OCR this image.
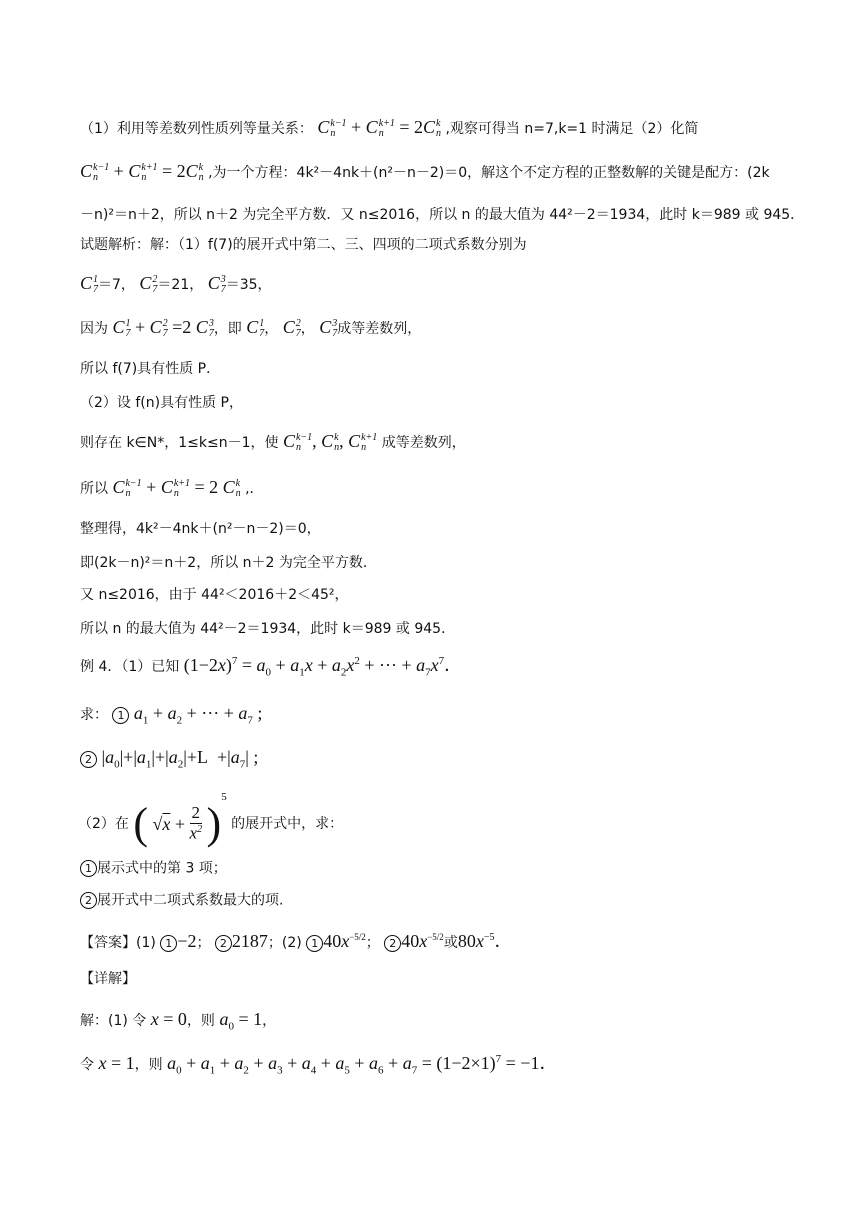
（1）利用等差数列性质列等量关系： C k−1
n + C k+1
n = 2C k
n ,观察可得当 n=7,k=1 时满足（2）化简
C k−1
n + C k+1
n = 2C k
n ,为一个方程：4k²－4nk＋(n²－n－2)＝0，解这个不定方程的正整数解的关键是配方：(2k
－n)²＝n＋2，所以 n＋2 为完全平方数．又 n≤2016，所以 n 的最大值为 44²－2＝1934，此时 k＝989 或 945．
试题解析：解：（1）f(7)的展开式中第二、三、四项的二项式系数分别为
C 1
7 ＝7， C 2
7 ＝21， C 3
7 ＝35，
因为 C 1
7 + C 2
7 =2 C 3
7 ，即 C 1
7 ， C 2
7 ， C 3
7 成等差数列，
所以 f(7)具有性质 P．
（2）设 f(n)具有性质 P，
则存在 k∈N*，1≤k≤n－1，使 C k−1
n , C k
n , C k+1
n	成等差数列，
所以 C k−1
n + C k+1
n = 2 C k
n ,．
整理得，4k²－4nk＋(n²－n－2)＝0，
即(2k－n)²＝n＋2，所以 n＋2 为完全平方数．
又 n≤2016，由于 44²＜2016＋2＜45²，
所以 n 的最大值为 44²－2＝1934，此时 k＝989 或 945．
例 4．（1）已知 $(1-2x)^7 = a_0 + a_1x + a_2x^2$ + ··· + $a_7x^7$．
求： 1 $a_1 + a_2$ + ··· + $a_7$ ;
2 $|a_0|+|a_1|+|a_2|+L +|a_7|$ ;
（2）在 ( $√x + \frac{2}{x^2} )^5$ 的展开式中，求：
1 展示式中的第 3 项；
2 展开式中二项式系数最大的项.
【答案】(1) 1 −2； 2 2187；(2) 1 $40x^{-5/2}$； 2 $40x^{-5/2}$或$80x^{-5}$．
【详解】
解：(1) 令 x = 0，则 $a_0 = 1$，
令 x = 1，则 $a_0 + a_1 + a_2 + a_3 + a_4 + a_5 + a_6 + a_7 = (1-2\times 1)^7 = -1$．
